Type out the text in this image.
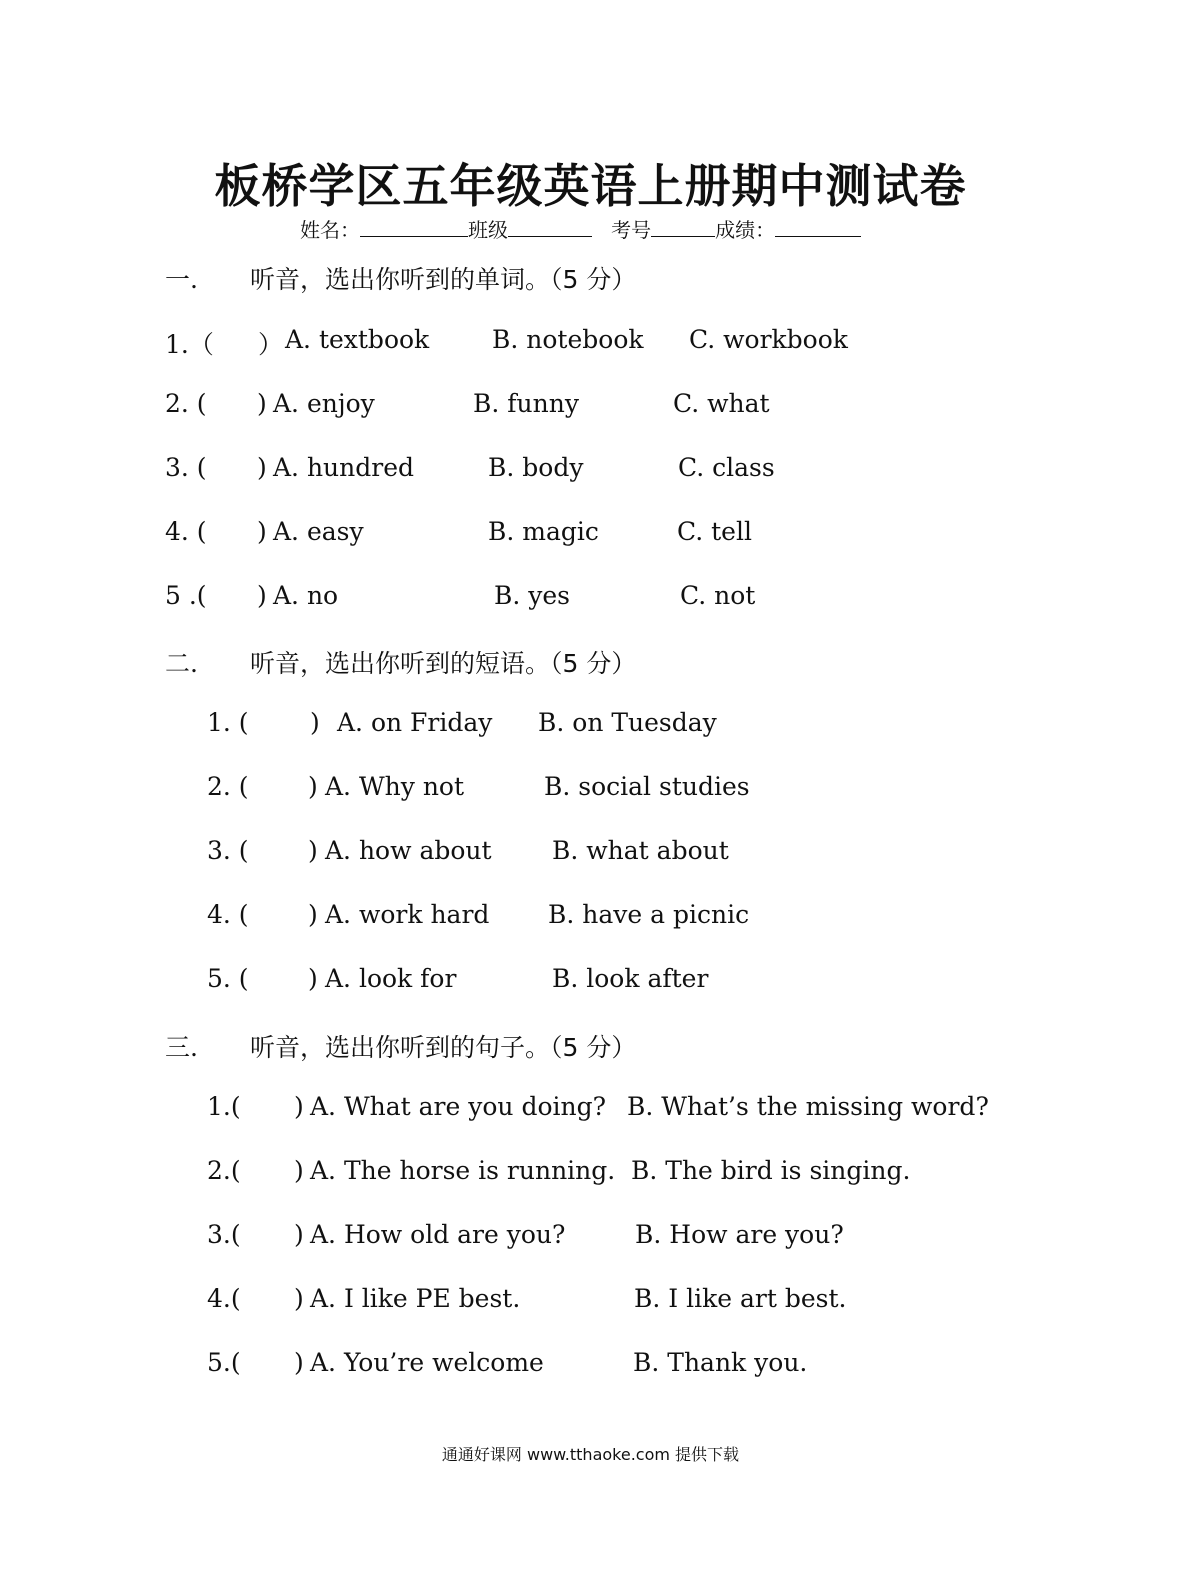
板桥学区五年级英语上册期中测试卷
姓名：	班级	考号	成绩：
一. 听音，选出你听到的单词。（5 分）
1.（ ） A. textbook	B. notebook C. workbook
2. ( ) A. enjoy	B. funny	C. what
3. ( ) A. hundred	B. body	C. class
4. ( ) A. easy	B. magic	C. tell
5 .( ) A. no	B. yes	C. not
二. 听音，选出你听到的短语。（5 分）
1. ( ) A. on Friday B. on Tuesday
2. ( ) A. Why not	B. social studies
3. ( ) A. how about B. what about
4. ( ) A. work hard B. have a picnic
5. ( ) A. look for	B. look after
三. 听音，选出你听到的句子。（5 分）
1.( ) A. What are you doing? B. What’s the missing word?
2.( ) A. The horse is running. B. The bird is singing.
3.( ) A. How old are you?	B. How are you?
4.( ) A. I like PE best.	B. I like art best.
5.( ) A. You’re welcome	B. Thank you.
通通好课网 www.tthaoke.com 提供下载
